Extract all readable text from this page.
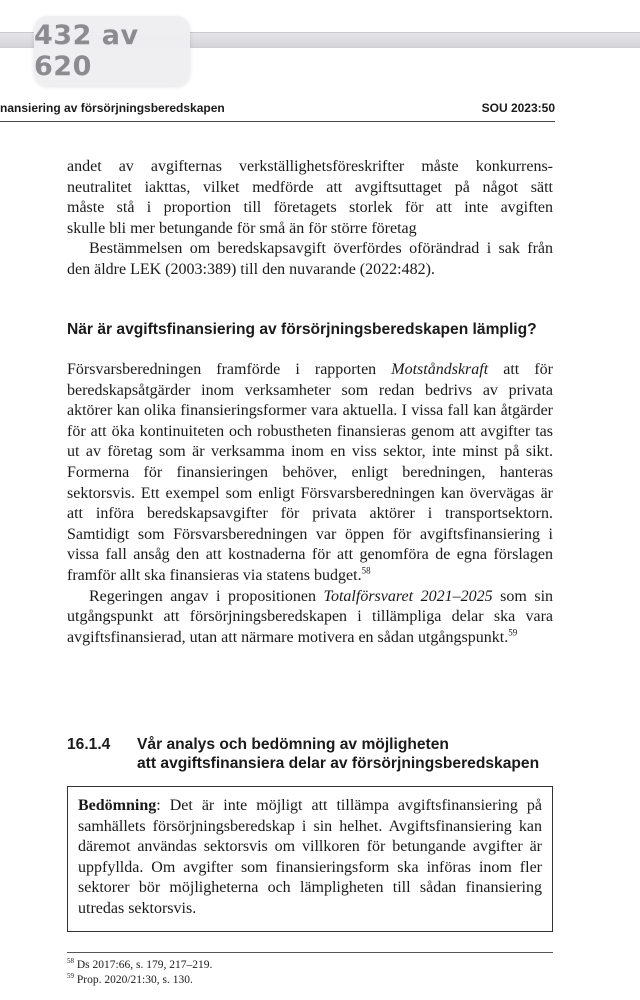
432 av 620
nansiering av försörjningsberedskapen	SOU 2023:50

andet av avgifternas verkställighetsföreskrifter måste konkurrens-

neutralitet iakttas, vilket medförde att avgiftsuttaget på något sätt

måste stå i proportion till företagets storlek för att inte avgiften

skulle bli mer betungande för små än för större företag

Bestämmelsen om beredskapsavgift överfördes oförändrad i sak från den äldre LEK (2003:389) till den nuvarande (2022:482).

När är avgiftsfinansiering av försörjningsberedskapen lämplig?

Försvarsberedningen framförde i rapporten Motståndskraft att för beredskapsåtgärder inom verksamheter som redan bedrivs av privata aktörer kan olika finansieringsformer vara aktuella. I vissa fall kan åtgärder för att öka kontinuiteten och robustheten finansieras genom att avgifter tas ut av företag som är verksamma inom en viss sektor, inte minst på sikt. Formerna för finansieringen behöver, enligt beredningen, hanteras sektorsvis. Ett exempel som enligt Försvarsberedningen kan övervägas är att införa beredskapsavgifter för privata aktörer i transportsektorn. Samtidigt som Försvarsberedningen var öppen för avgiftsfinansiering i vissa fall ansåg den att kostnaderna för att genomföra de egna förslagen framför allt ska finansieras via statens budget.$^{58}$

Regeringen angav i propositionen Totalförsvaret 2021–2025 som sin utgångspunkt att försörjningsberedskapen i tillämpliga delar ska vara avgiftsfinansierad, utan att närmare motivera en sådan utgångspunkt.$^{59}$

16.1.4 Vår analys och bedömning av möjligheten
att avgiftsfinansiera delar av försörjningsberedskapen
Bedömning: Det är inte möjligt att tillämpa avgiftsfinansiering på samhällets försörjningsberedskap i sin helhet. Avgiftsfinansiering kan däremot användas sektorsvis om villkoren för betungande avgifter är uppfyllda. Om avgifter som finansieringsform ska införas inom fler sektorer bör möjligheterna och lämpligheten till sådan finansiering utredas sektorsvis.
$^{58}$ Ds 2017:66, s. 179, 217–219.
$^{59}$ Prop. 2020/21:30, s. 130.
